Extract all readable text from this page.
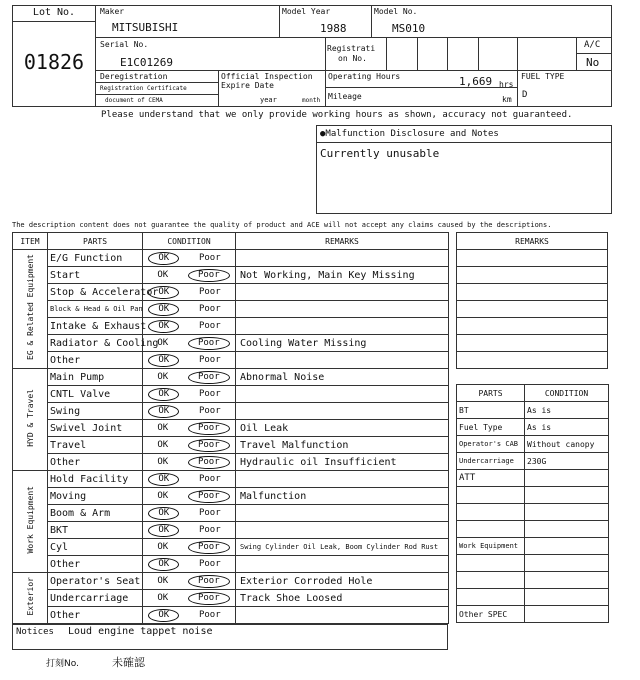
Lot No.
01826
Maker
MITSUBISHI
Model Year
1988
Model No.
MS010
Serial No.
E1C01269
Registrati
on No.
A/C
No
Deregistration
Registration Certificate
document of CEMA
Official Inspection
Expire Date
year	month
Operating Hours	1,669 hrs
Mileage	km
FUEL TYPE
D
Please understand that we only provide working hours as shown, accuracy not guaranteed.
●Malfunction Disclosure and Notes
Currently unusable
The description content does not guarantee the quality of product and ACE will not accept any claims caused by the descriptions.
ITEM	PARTS	CONDITION	REMARKS
EG & Related Equipment	E/G Function	OK Poor	

	Start	OK Poor	Not Working, Main Key Missing
	Stop & Accelerator	OK Poor	

	Block & Head & Oil Pan	OK Poor	

	Intake & Exhaust	OK Poor	

	Radiator & Cooling	OK Poor	Cooling Water Missing
	Other	OK Poor	

HYD & Travel	Main Pump	OK Poor	Abnormal Noise
	CNTL Valve	OK Poor	

	Swing	OK Poor	

	Swivel Joint	OK Poor	Oil Leak
	Travel	OK Poor	Travel Malfunction
	Other	OK Poor	Hydraulic oil Insufficient
Work Equipment	Hold Facility	OK Poor	

	Moving	OK Poor	Malfunction
	Boom & Arm	OK Poor	

	BKT	OK Poor	

	Cyl	OK Poor	Swing Cylinder Oil Leak, Boom Cylinder Rod Rust
	Other	OK Poor	

Exterior	Operator's Seat	OK Poor	Exterior Corroded Hole
	Undercarriage	OK Poor	Track Shoe Loosed
	Other	OK Poor	

Notices Loud engine tappet noise
打刻No.	未確認
REMARKS

PARTS	CONDITION
BT	As is
Fuel Type	As is
Operator's CAB	Without canopy
Undercarriage	230G
ATT	

Work Equipment	

Other SPEC	
